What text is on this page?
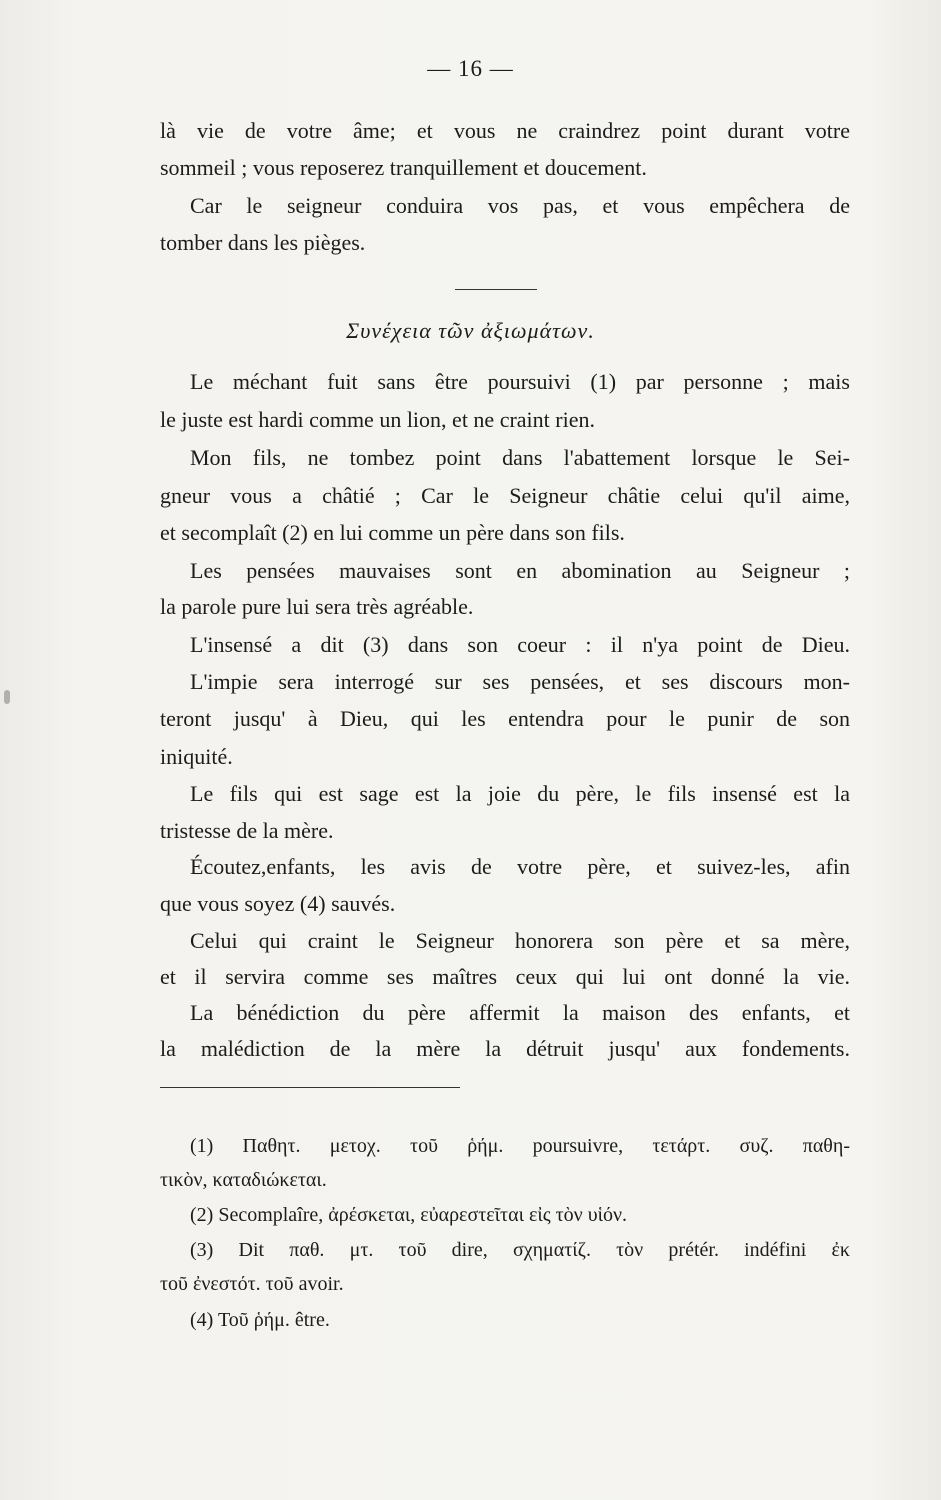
— 16 —
là vie de votre âme; et vous ne craindrez point durant votre
sommeil ; vous reposerez tranquillement et doucement.
Car le seigneur conduira vos pas, et vous empêchera de
tomber dans les pièges.
Συνέχεια τῶν ἀξιωμάτων.
Le méchant fuit sans être poursuivi (1) par personne ; mais
le juste est hardi comme un lion, et ne craint rien.
Mon fils, ne tombez point dans l'abattement lorsque le Sei-
gneur vous a châtié ; Car le Seigneur châtie celui qu'il aime,
et secomplaît (2) en lui comme un père dans son fils.
Les pensées mauvaises sont en abomination au Seigneur ;
la parole pure lui sera très agréable.
L'insensé a dit (3) dans son coeur : il n'ya point de Dieu.
L'impie sera interrogé sur ses pensées, et ses discours mon-
teront jusqu' à Dieu, qui les entendra pour le punir de son
iniquité.
Le fils qui est sage est la joie du père, le fils insensé est la
tristesse de la mère.
Écoutez,enfants, les avis de votre père, et suivez-les, afin
que vous soyez (4) sauvés.
Celui qui craint le Seigneur honorera son père et sa mère,
et il servira comme ses maîtres ceux qui lui ont donné la vie.
La bénédiction du père affermit la maison des enfants, et
la malédiction de la mère la détruit jusqu' aux fondements.
(1) Παθητ. μετοχ. τοῦ ῥήμ. poursuivre, τετάρτ. συζ. παθη-
τικὸν, καταδιώκεται.
(2) Secomplaîre, ἀρέσκεται, εὐαρεστεῖται εἰς τὸν υἱόν.
(3) Dit παθ. μτ. τοῦ dire, σχηματίζ. τὸν prétér. indéfini ἐκ
τοῦ ἐνεστότ. τοῦ avoir.
(4) Τοῦ ῥήμ. être.
